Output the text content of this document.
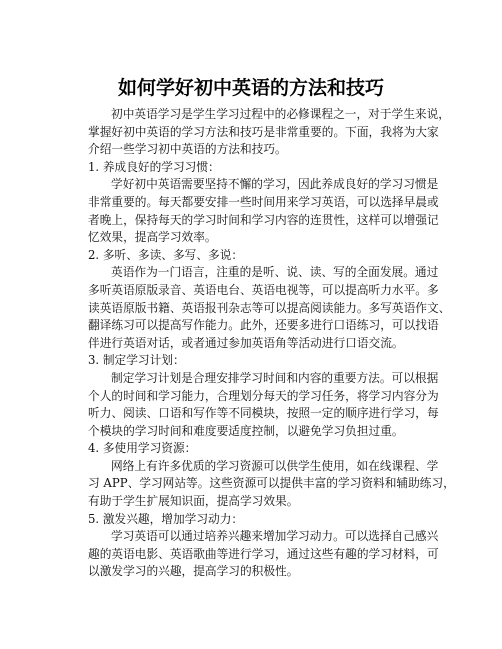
如何学好初中英语的方法和技巧
初中英语学习是学生学习过程中的必修课程之一，对于学生来说，
掌握好初中英语的学习方法和技巧是非常重要的。下面，我将为大家
介绍一些学习初中英语的方法和技巧。
1. 养成良好的学习习惯：
学好初中英语需要坚持不懈的学习，因此养成良好的学习习惯是
非常重要的。每天都要安排一些时间用来学习英语，可以选择早晨或
者晚上，保持每天的学习时间和学习内容的连贯性，这样可以增强记
忆效果，提高学习效率。
2. 多听、多读、多写、多说：
英语作为一门语言，注重的是听、说、读、写的全面发展。通过
多听英语原版录音、英语电台、英语电视等，可以提高听力水平。多
读英语原版书籍、英语报刊杂志等可以提高阅读能力。多写英语作文、
翻译练习可以提高写作能力。此外，还要多进行口语练习，可以找语
伴进行英语对话，或者通过参加英语角等活动进行口语交流。
3. 制定学习计划：
制定学习计划是合理安排学习时间和内容的重要方法。可以根据
个人的时间和学习能力，合理划分每天的学习任务，将学习内容分为
听力、阅读、口语和写作等不同模块，按照一定的顺序进行学习，每
个模块的学习时间和难度要适度控制，以避免学习负担过重。
4. 多使用学习资源：
网络上有许多优质的学习资源可以供学生使用，如在线课程、学
习 APP、学习网站等。这些资源可以提供丰富的学习资料和辅助练习，
有助于学生扩展知识面，提高学习效果。
5. 激发兴趣，增加学习动力：
学习英语可以通过培养兴趣来增加学习动力。可以选择自己感兴
趣的英语电影、英语歌曲等进行学习，通过这些有趣的学习材料，可
以激发学习的兴趣，提高学习的积极性。
